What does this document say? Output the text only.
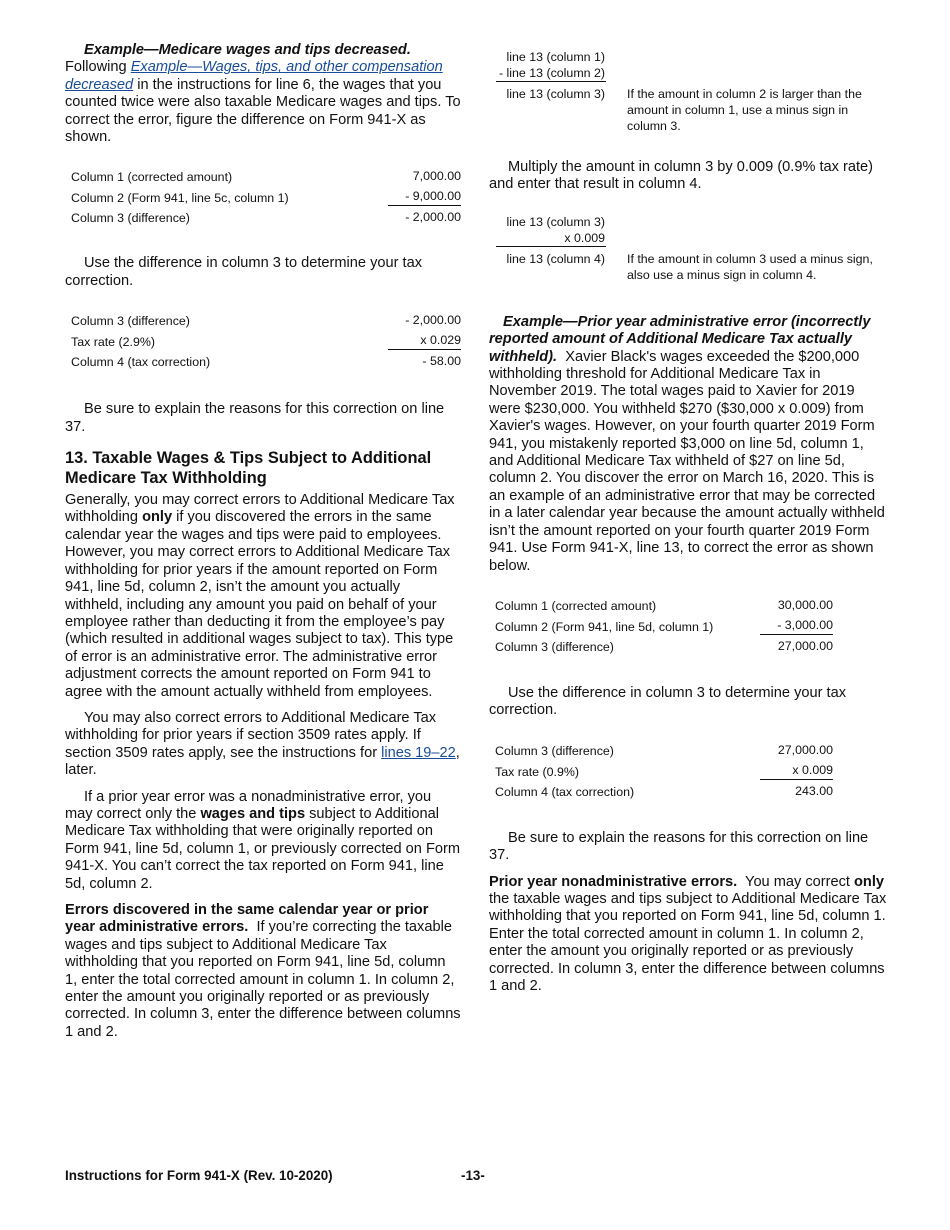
Example—Medicare wages and tips decreased.
Following Example—Wages, tips, and other compensation decreased in the instructions for line 6, the wages that you counted twice were also taxable Medicare wages and tips. To correct the error, figure the difference on Form 941-X as shown.

Column 1 (corrected amount)	7,000.00
Column 2 (Form 941, line 5c, column 1)	- 9,000.00
Column 3 (difference)	- 2,000.00

Use the difference in column 3 to determine your tax correction.

Column 3 (difference)	- 2,000.00
Tax rate (2.9%)	x 0.029
Column 4 (tax correction)	- 58.00

Be sure to explain the reasons for this correction on line 37.

13. Taxable Wages & Tips Subject to Additional Medicare Tax Withholding

Generally, you may correct errors to Additional Medicare Tax withholding only if you discovered the errors in the same calendar year the wages and tips were paid to employees. However, you may correct errors to Additional Medicare Tax withholding for prior years if the amount reported on Form 941, line 5d, column 2, isn’t the amount you actually withheld, including any amount you paid on behalf of your employee rather than deducting it from the employee’s pay (which resulted in additional wages subject to tax). This type of error is an administrative error. The administrative error adjustment corrects the amount reported on Form 941 to agree with the amount actually withheld from employees.

You may also correct errors to Additional Medicare Tax withholding for prior years if section 3509 rates apply. If section 3509 rates apply, see the instructions for lines 19–22, later.

If a prior year error was a nonadministrative error, you may correct only the wages and tips subject to Additional Medicare Tax withholding that were originally reported on Form 941, line 5d, column 1, or previously corrected on Form 941-X. You can’t correct the tax reported on Form 941, line 5d, column 2.

Errors discovered in the same calendar year or prior year administrative errors. If you’re correcting the taxable wages and tips subject to Additional Medicare Tax withholding that you reported on Form 941, line 5d, column 1, enter the total corrected amount in column 1. In column 2, enter the amount you originally reported or as previously corrected. In column 3, enter the difference between columns 1 and 2.

line 13 (column 1)
- line 13 (column 2)
line 13 (column 3) If the amount in column 2 is larger than the amount in column 1, use a minus sign in column 3.

Multiply the amount in column 3 by 0.009 (0.9% tax rate) and enter that result in column 4.

line 13 (column 3)
x 0.009
line 13 (column 4) If the amount in column 3 used a minus sign, also use a minus sign in column 4.

Example—Prior year administrative error (incorrectly reported amount of Additional Medicare Tax actually withheld). Xavier Black's wages exceeded the $200,000 withholding threshold for Additional Medicare Tax in November 2019. The total wages paid to Xavier for 2019 were $230,000. You withheld $270 ($30,000 x 0.009) from Xavier's wages. However, on your fourth quarter 2019 Form 941, you mistakenly reported $3,000 on line 5d, column 1, and Additional Medicare Tax withheld of $27 on line 5d, column 2. You discover the error on March 16, 2020. This is an example of an administrative error that may be corrected in a later calendar year because the amount actually withheld isn’t the amount reported on your fourth quarter 2019 Form 941. Use Form 941-X, line 13, to correct the error as shown below.

Column 1 (corrected amount)	30,000.00
Column 2 (Form 941, line 5d, column 1)	- 3,000.00
Column 3 (difference)	27,000.00

Use the difference in column 3 to determine your tax correction.

Column 3 (difference)	27,000.00
Tax rate (0.9%)	x 0.009
Column 4 (tax correction)	243.00

Be sure to explain the reasons for this correction on line 37.

Prior year nonadministrative errors. You may correct only the taxable wages and tips subject to Additional Medicare Tax withholding that you reported on Form 941, line 5d, column 1. Enter the total corrected amount in column 1. In column 2, enter the amount you originally reported or as previously corrected. In column 3, enter the difference between columns 1 and 2.

Instructions for Form 941-X (Rev. 10-2020)	-13-
